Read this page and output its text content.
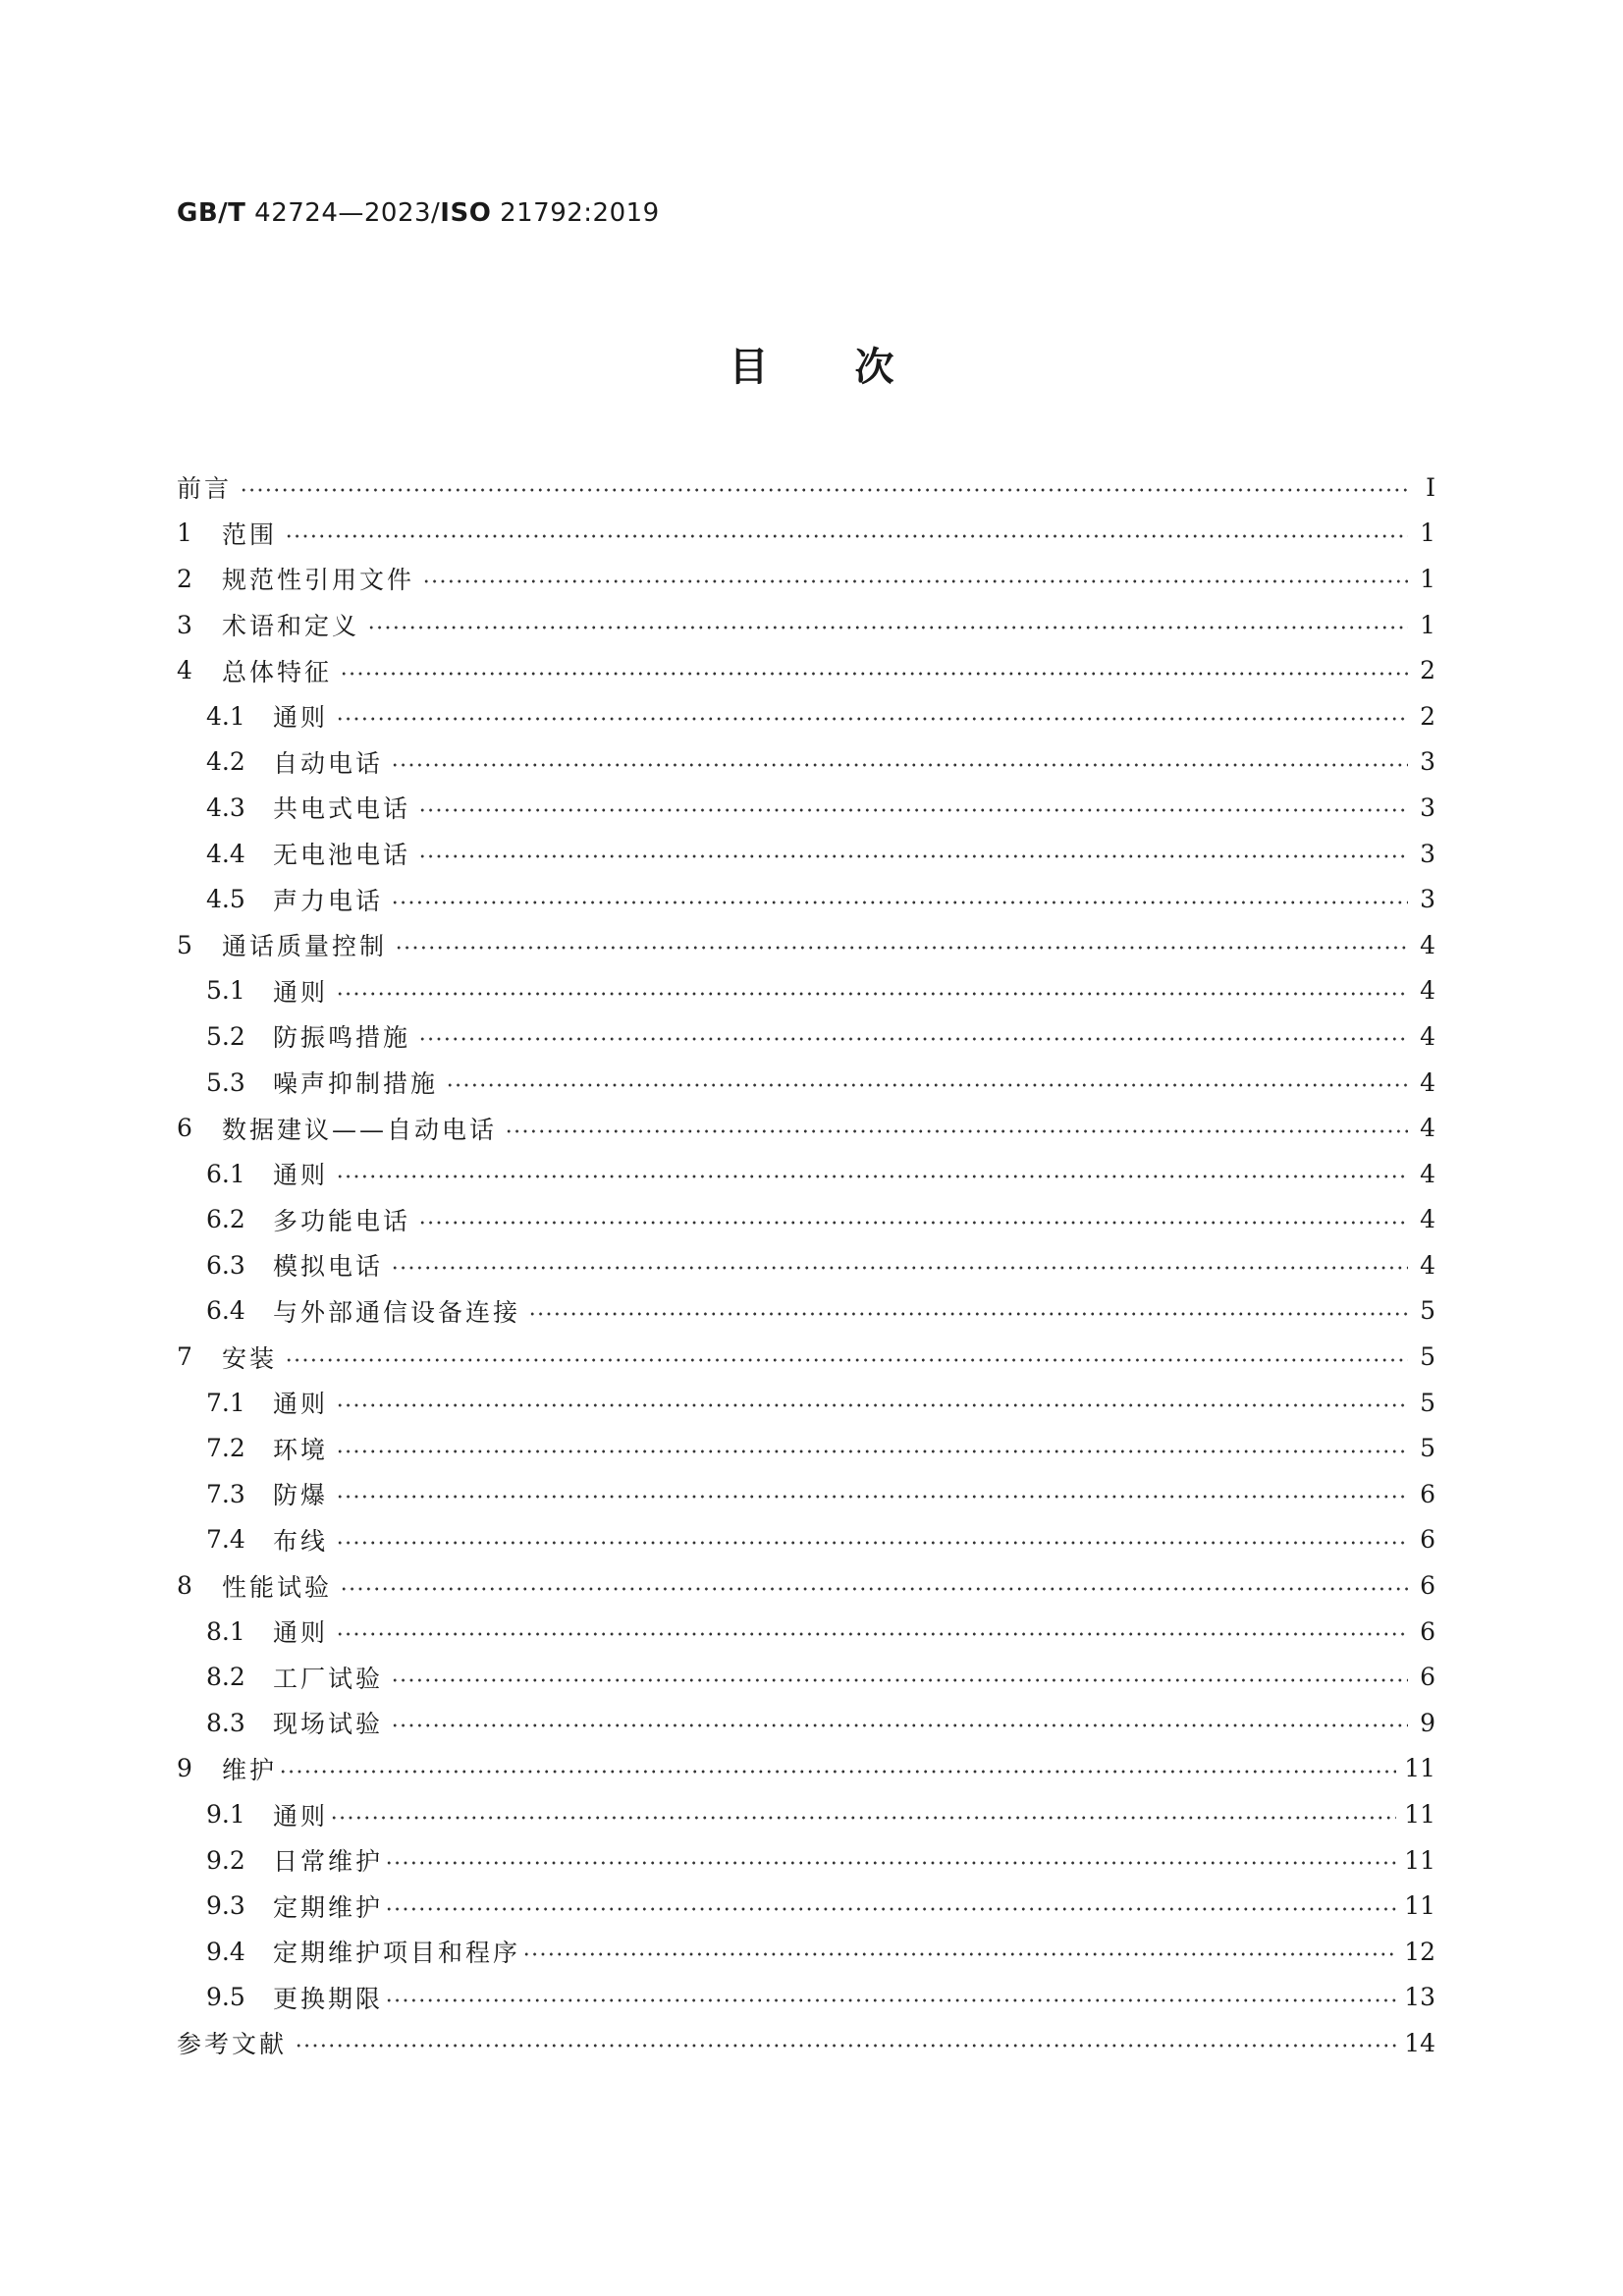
GB/T 42724—2023/ISO 21792:2019
目次
前言	Ⅰ
1	范围	1
2	规范性引用文件	1
3	术语和定义	1
4	总体特征	2
4.1	通则	2
4.2	自动电话	3
4.3	共电式电话	3
4.4	无电池电话	3
4.5	声力电话	3
5	通话质量控制	4
5.1	通则	4
5.2	防振鸣措施	4
5.3	噪声抑制措施	4
6	数据建议——自动电话	4
6.1	通则	4
6.2	多功能电话	4
6.3	模拟电话	4
6.4	与外部通信设备连接	5
7	安装	5
7.1	通则	5
7.2	环境	5
7.3	防爆	6
7.4	布线	6
8	性能试验	6
8.1	通则	6
8.2	工厂试验	6
8.3	现场试验	9
9	维护	11
9.1	通则	11
9.2	日常维护	11
9.3	定期维护	11
9.4	定期维护项目和程序	12
9.5	更换期限	13
参考文献	14
